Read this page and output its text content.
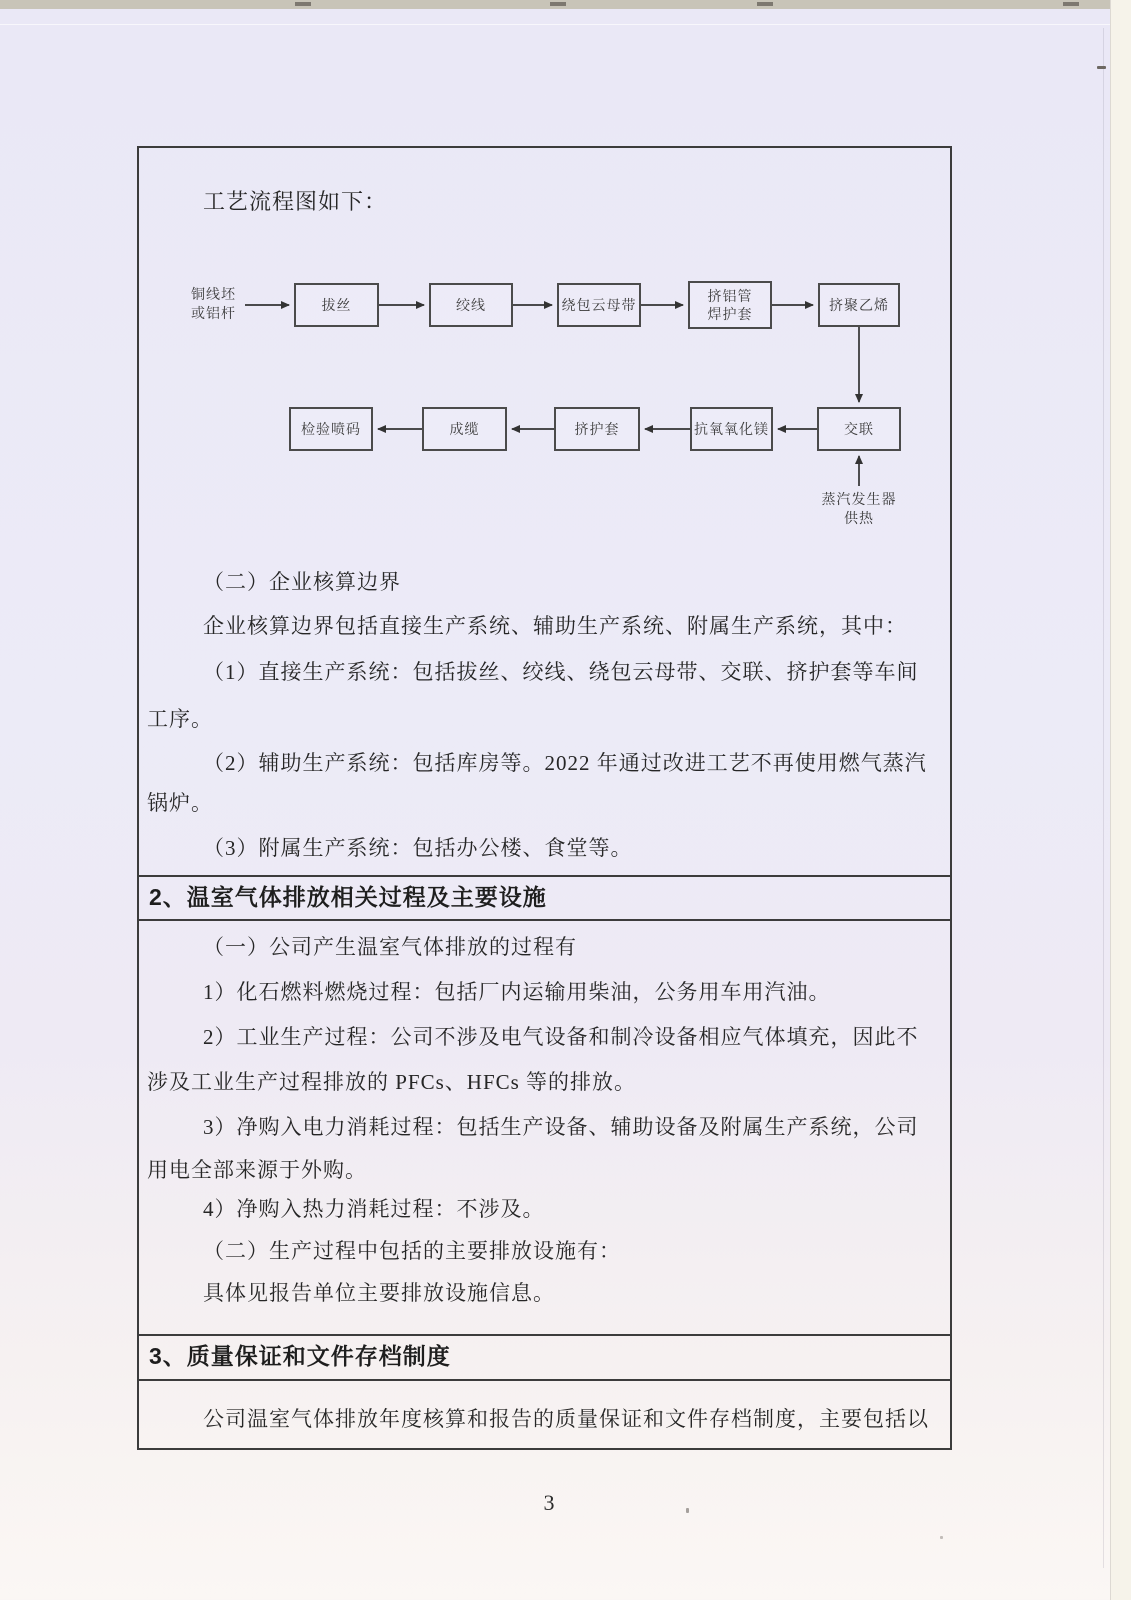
工艺流程图如下：
铜线坯
或铝杆	拔丝	绞线	绕包云母带
挤铝管
焊护套
挤聚乙烯
检验喷码	成缆	挤护套	抗氧氧化镁	交联
蒸汽发生器
供热
（二）企业核算边界
企业核算边界包括直接生产系统、辅助生产系统、附属生产系统，其中：
（1）直接生产系统：包括拔丝、绞线、绕包云母带、交联、挤护套等车间
工序。
（2）辅助生产系统：包括库房等。2022 年通过改进工艺不再使用燃气蒸汽
锅炉。
（3）附属生产系统：包括办公楼、食堂等。
2、温室气体排放相关过程及主要设施
（一）公司产生温室气体排放的过程有
1）化石燃料燃烧过程：包括厂内运输用柴油，公务用车用汽油。
2）工业生产过程：公司不涉及电气设备和制冷设备相应气体填充，因此不
涉及工业生产过程排放的 PFCs、HFCs 等的排放。
3）净购入电力消耗过程：包括生产设备、辅助设备及附属生产系统，公司
用电全部来源于外购。
4）净购入热力消耗过程：不涉及。
（二）生产过程中包括的主要排放设施有：
具体见报告单位主要排放设施信息。
3、质量保证和文件存档制度
公司温室气体排放年度核算和报告的质量保证和文件存档制度，主要包括以
3
